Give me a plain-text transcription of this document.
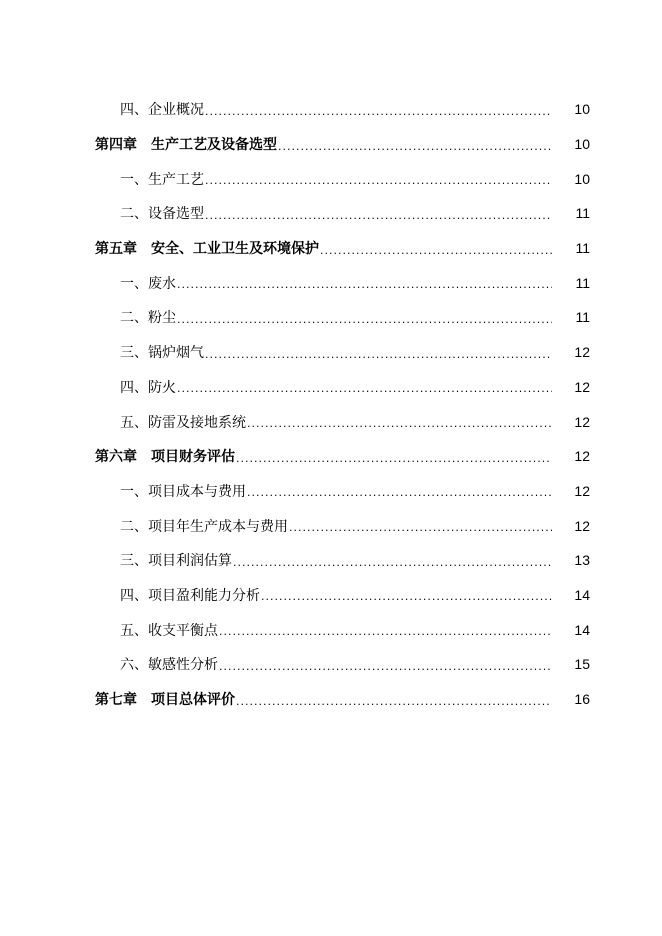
四、企业概况 .....	10
第四章 生产工艺及设备选型 .....	10
一、生产工艺 .....	10
二、设备选型 .....	11
第五章 安全、工业卫生及环境保护 .....	11
一、废水 .....	11
二、粉尘 .....	11
三、锅炉烟气 .....	12
四、防火 .....	12
五、防雷及接地系统 .....	12
第六章 项目财务评估 .....	12
一、项目成本与费用 .....	12
二、项目年生产成本与费用 .....	12
三、项目利润估算 .....	13
四、项目盈利能力分析 .....	14
五、收支平衡点 .....	14
六、敏感性分析 .....	15
第七章 项目总体评价 .....	16
